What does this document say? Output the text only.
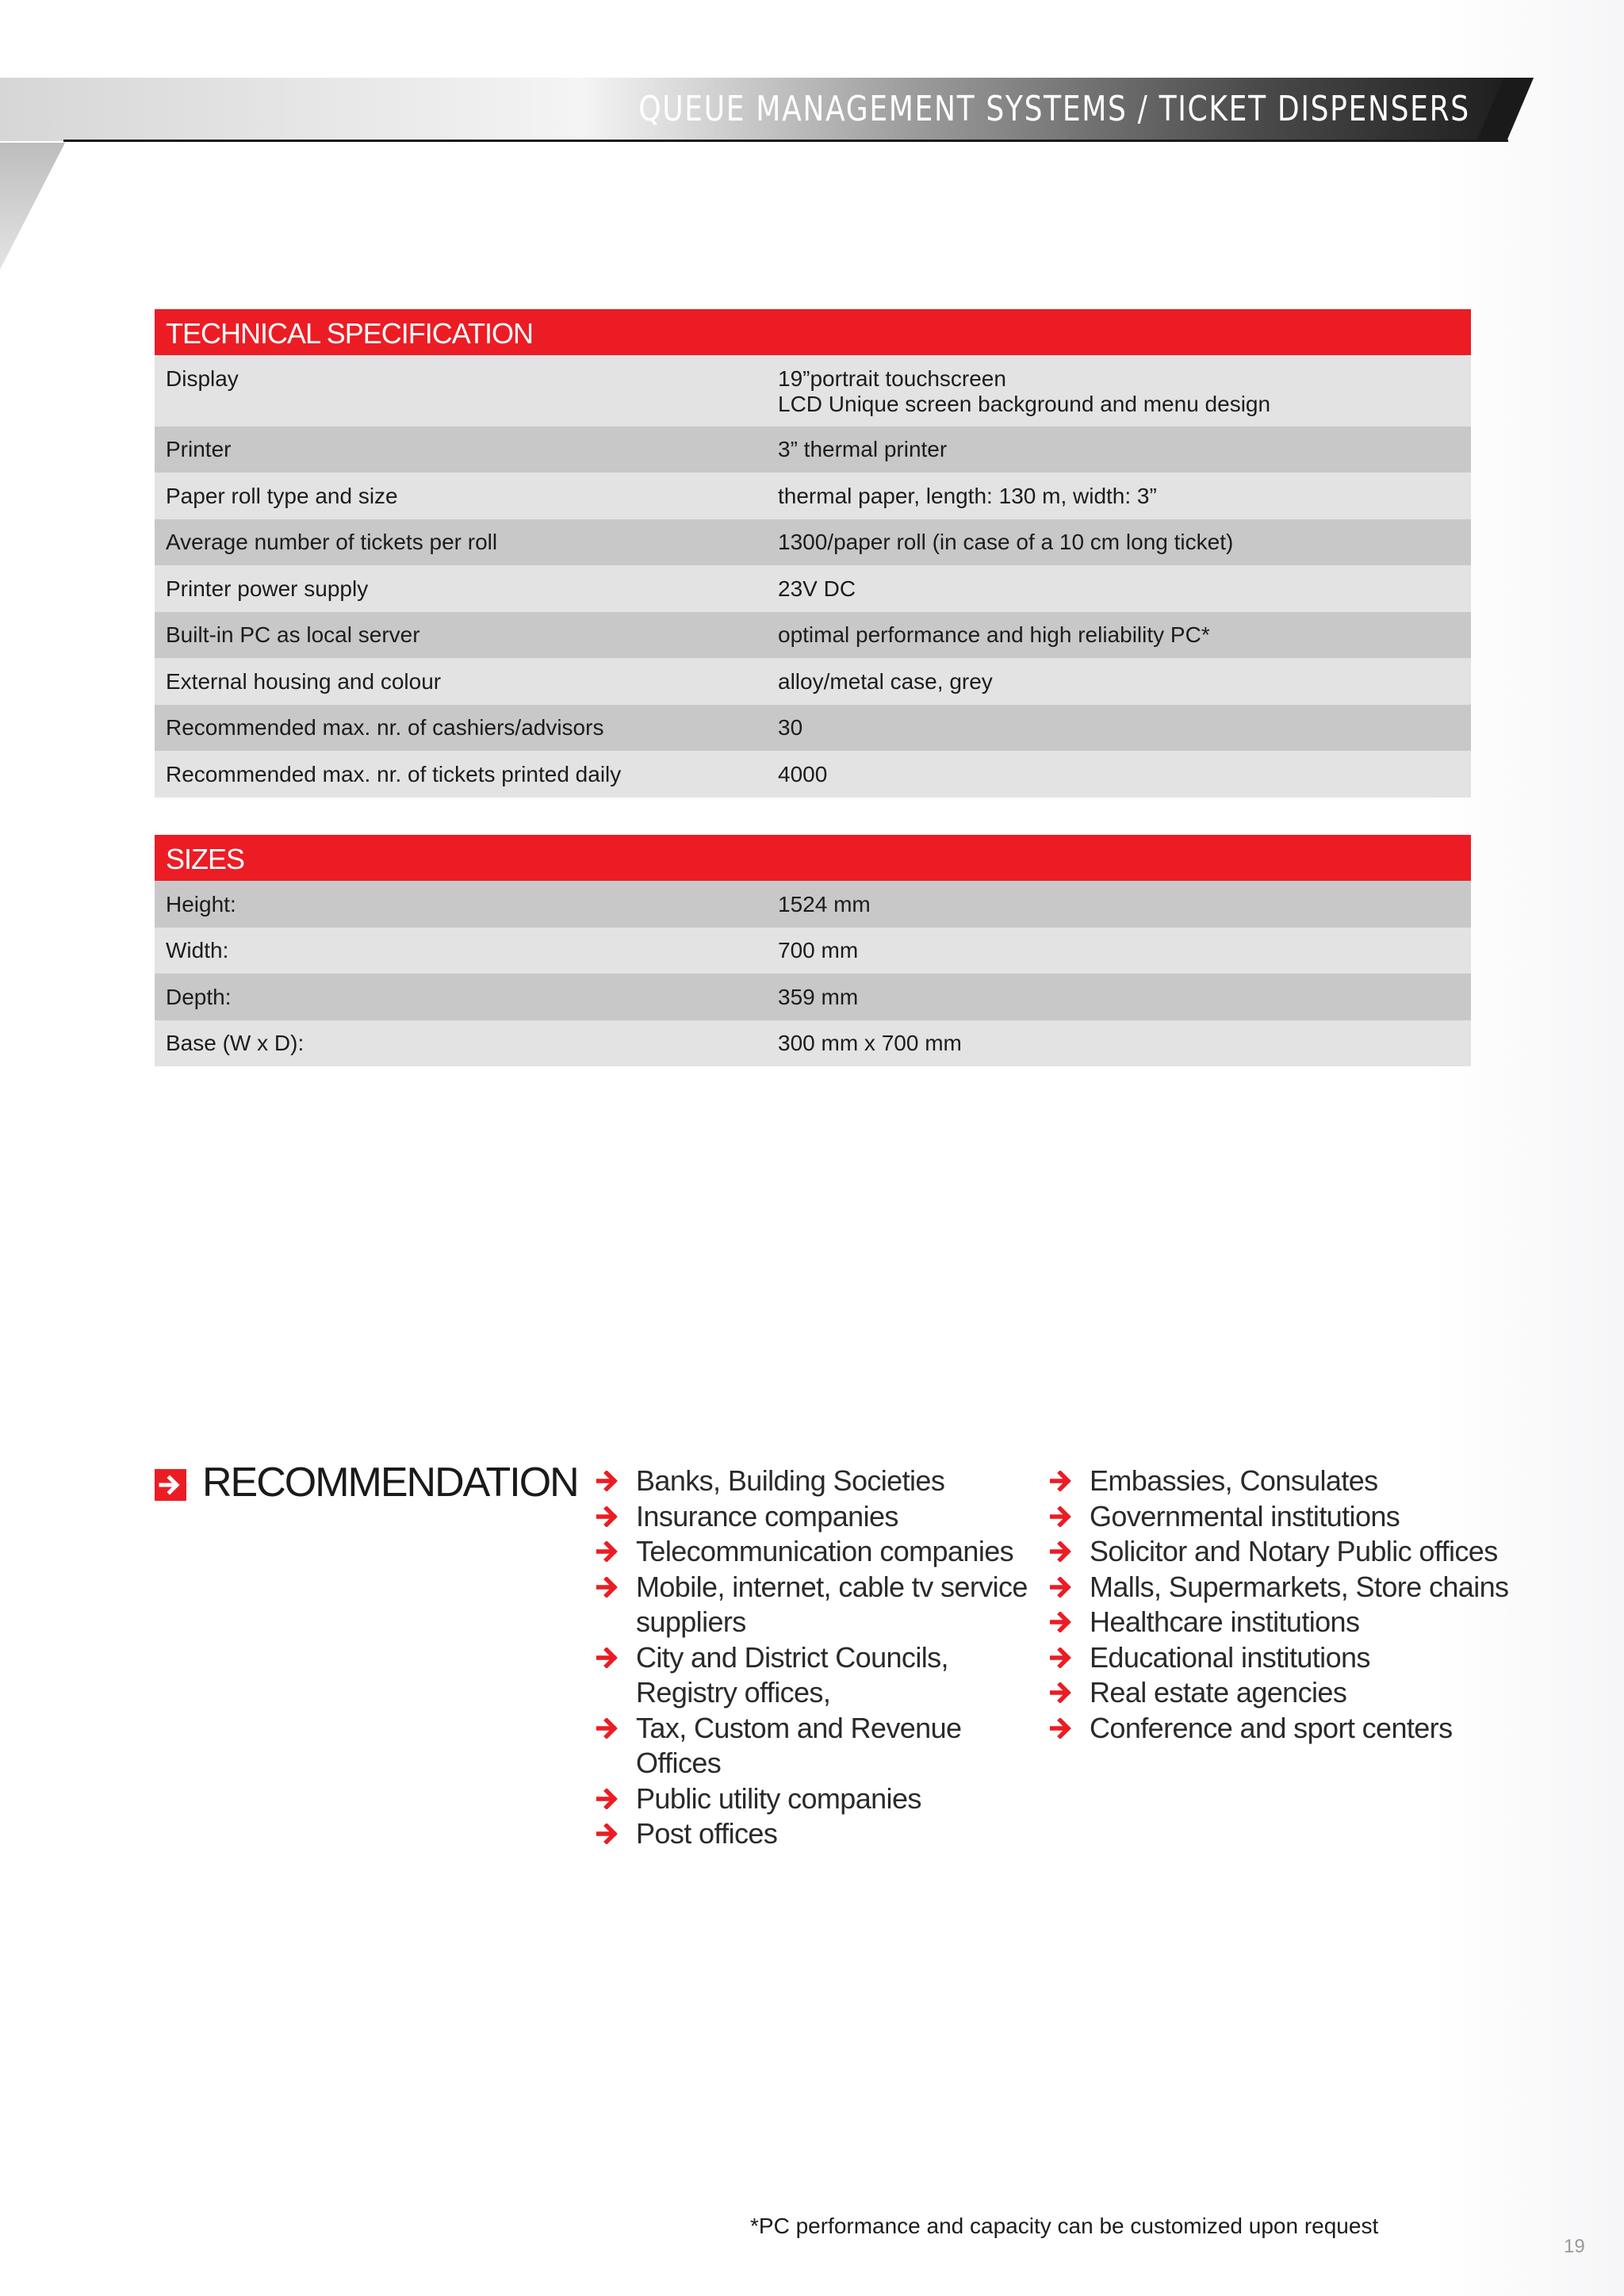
QUEUE MANAGEMENT SYSTEMS / TICKET DISPENSERS
TECHNICAL SPECIFICATION
Display	19”portrait touchscreen
LCD Unique screen background and menu design
Printer	3” thermal printer
Paper roll type and size	thermal paper, length: 130 m, width: 3”
Average number of tickets per roll	1300/paper roll (in case of a 10 cm long ticket)
Printer power supply	23V DC
Built-in PC as local server	optimal performance and high reliability PC*
External housing and colour	alloy/metal case, grey
Recommended max. nr. of cashiers/advisors	30
Recommended max. nr. of tickets printed daily	4000
SIZES
Height:	1524 mm
Width:	700 mm
Depth:	359 mm
Base (W x D):	300 mm x 700 mm
RECOMMENDATION Banks, Building Societies
Insurance companies
Telecommunication companies
Mobile, internet, cable tv service
suppliers
City and District Councils,
Registry offices,
Tax, Custom and Revenue Offices
Public utility companies
Post offices
Embassies, Consulates
Governmental institutions
Solicitor and Notary Public offices
Malls, Supermarkets, Store chains
Healthcare institutions
Educational institutions
Real estate agencies
Conference and sport centers
*PC performance and capacity can be customized upon request
19
